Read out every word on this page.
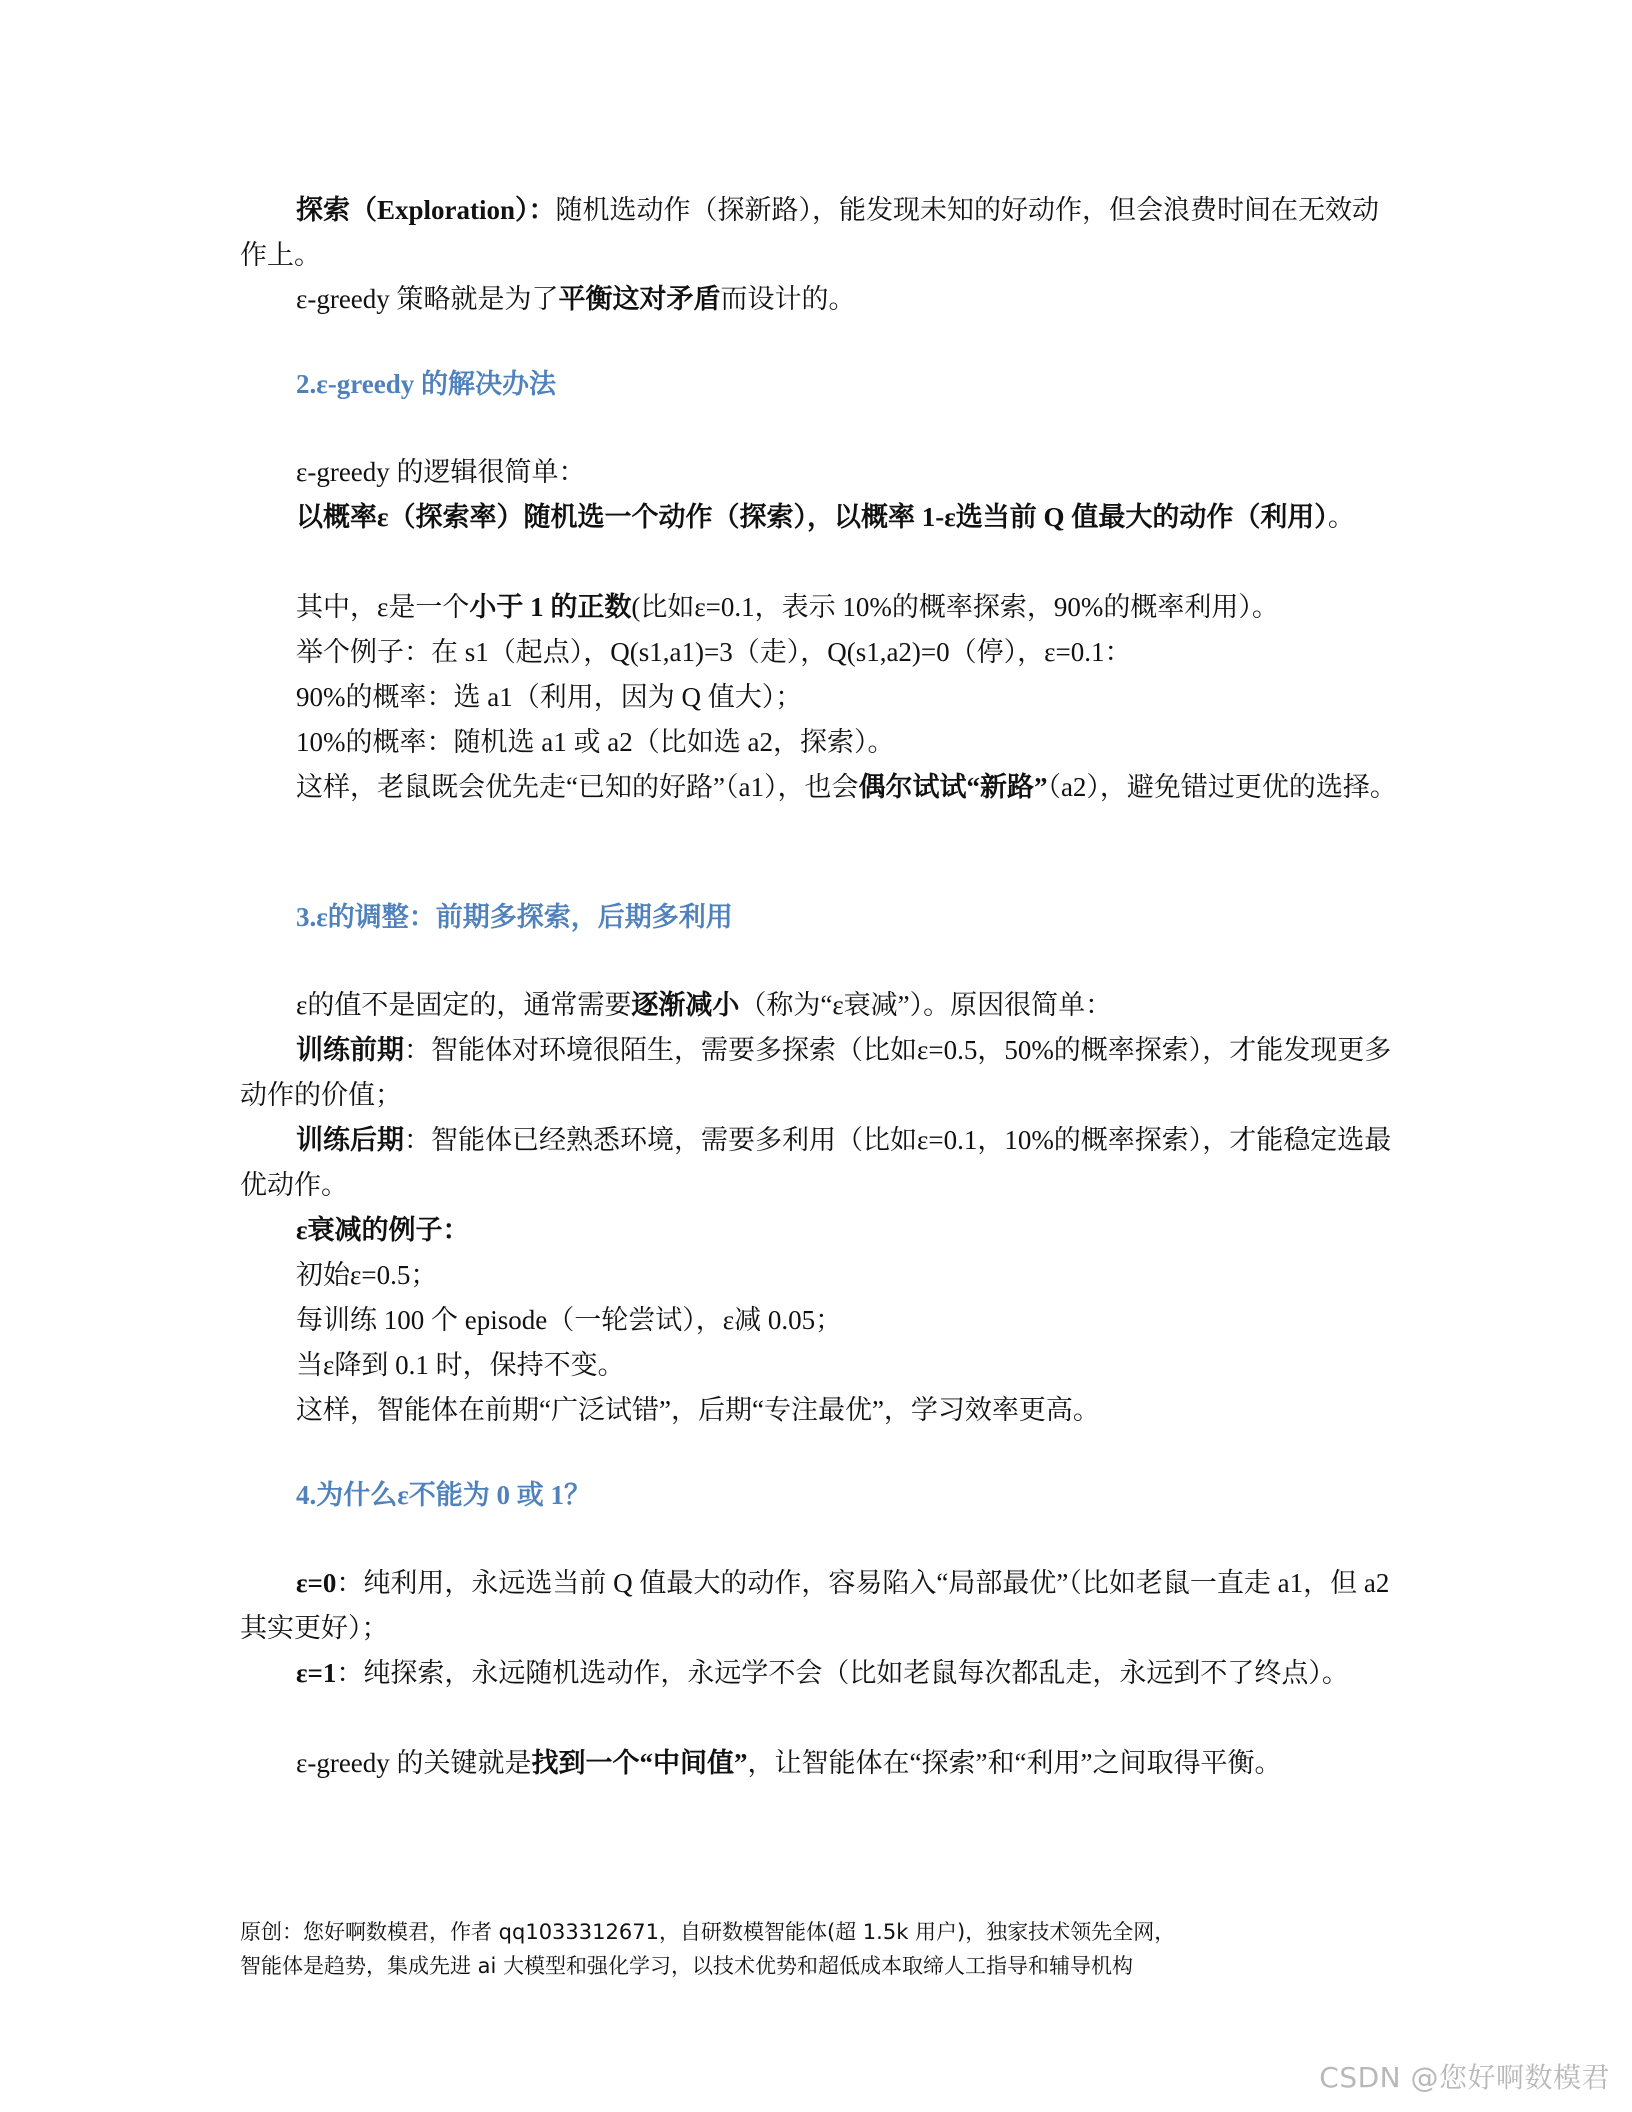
探索（Exploration）：随机选动作（探新路），能发现未知的好动作，但会浪费时间在无效动作上。

ε-greedy 策略就是为了平衡这对矛盾而设计的。

2.ε-greedy 的解决办法

ε-greedy 的逻辑很简单：

以概率ε（探索率）随机选一个动作（探索），以概率 1-ε选当前 Q 值最大的动作（利用）。

其中，ε是一个小于 1 的正数(比如ε=0.1，表示 10%的概率探索，90%的概率利用）。

举个例子：在 s1（起点），Q(s1,a1)=3（走），Q(s1,a2)=0（停），ε=0.1：

90%的概率：选 a1（利用，因为 Q 值大）；

10%的概率：随机选 a1 或 a2（比如选 a2，探索）。

这样，老鼠既会优先走“已知的好路”（a1），也会偶尔试试“新路”（a2），避免错过更优的选择。

3.ε的调整：前期多探索，后期多利用

ε的值不是固定的，通常需要逐渐减小（称为“ε衰减”）。原因很简单：

训练前期：智能体对环境很陌生，需要多探索（比如ε=0.5，50%的概率探索），才能发现更多动作的价值；

训练后期：智能体已经熟悉环境，需要多利用（比如ε=0.1，10%的概率探索），才能稳定选最优动作。

ε衰减的例子：

初始ε=0.5；

每训练 100 个 episode（一轮尝试），ε减 0.05；

当ε降到 0.1 时，保持不变。

这样，智能体在前期“广泛试错”，后期“专注最优”，学习效率更高。

4.为什么ε不能为 0 或 1？

ε=0：纯利用，永远选当前 Q 值最大的动作，容易陷入“局部最优”（比如老鼠一直走 a1，但 a2 其实更好）；

ε=1：纯探索，永远随机选动作，永远学不会（比如老鼠每次都乱走，永远到不了终点）。

ε-greedy 的关键就是找到一个“中间值”，让智能体在“探索”和“利用”之间取得平衡。

原创：您好啊数模君，作者 qq1033312671，自研数模智能体(超 1.5k 用户)，独家技术领先全网，

智能体是趋势，集成先进 ai 大模型和强化学习，以技术优势和超低成本取缔人工指导和辅导机构

CSDN @您好啊数模君
